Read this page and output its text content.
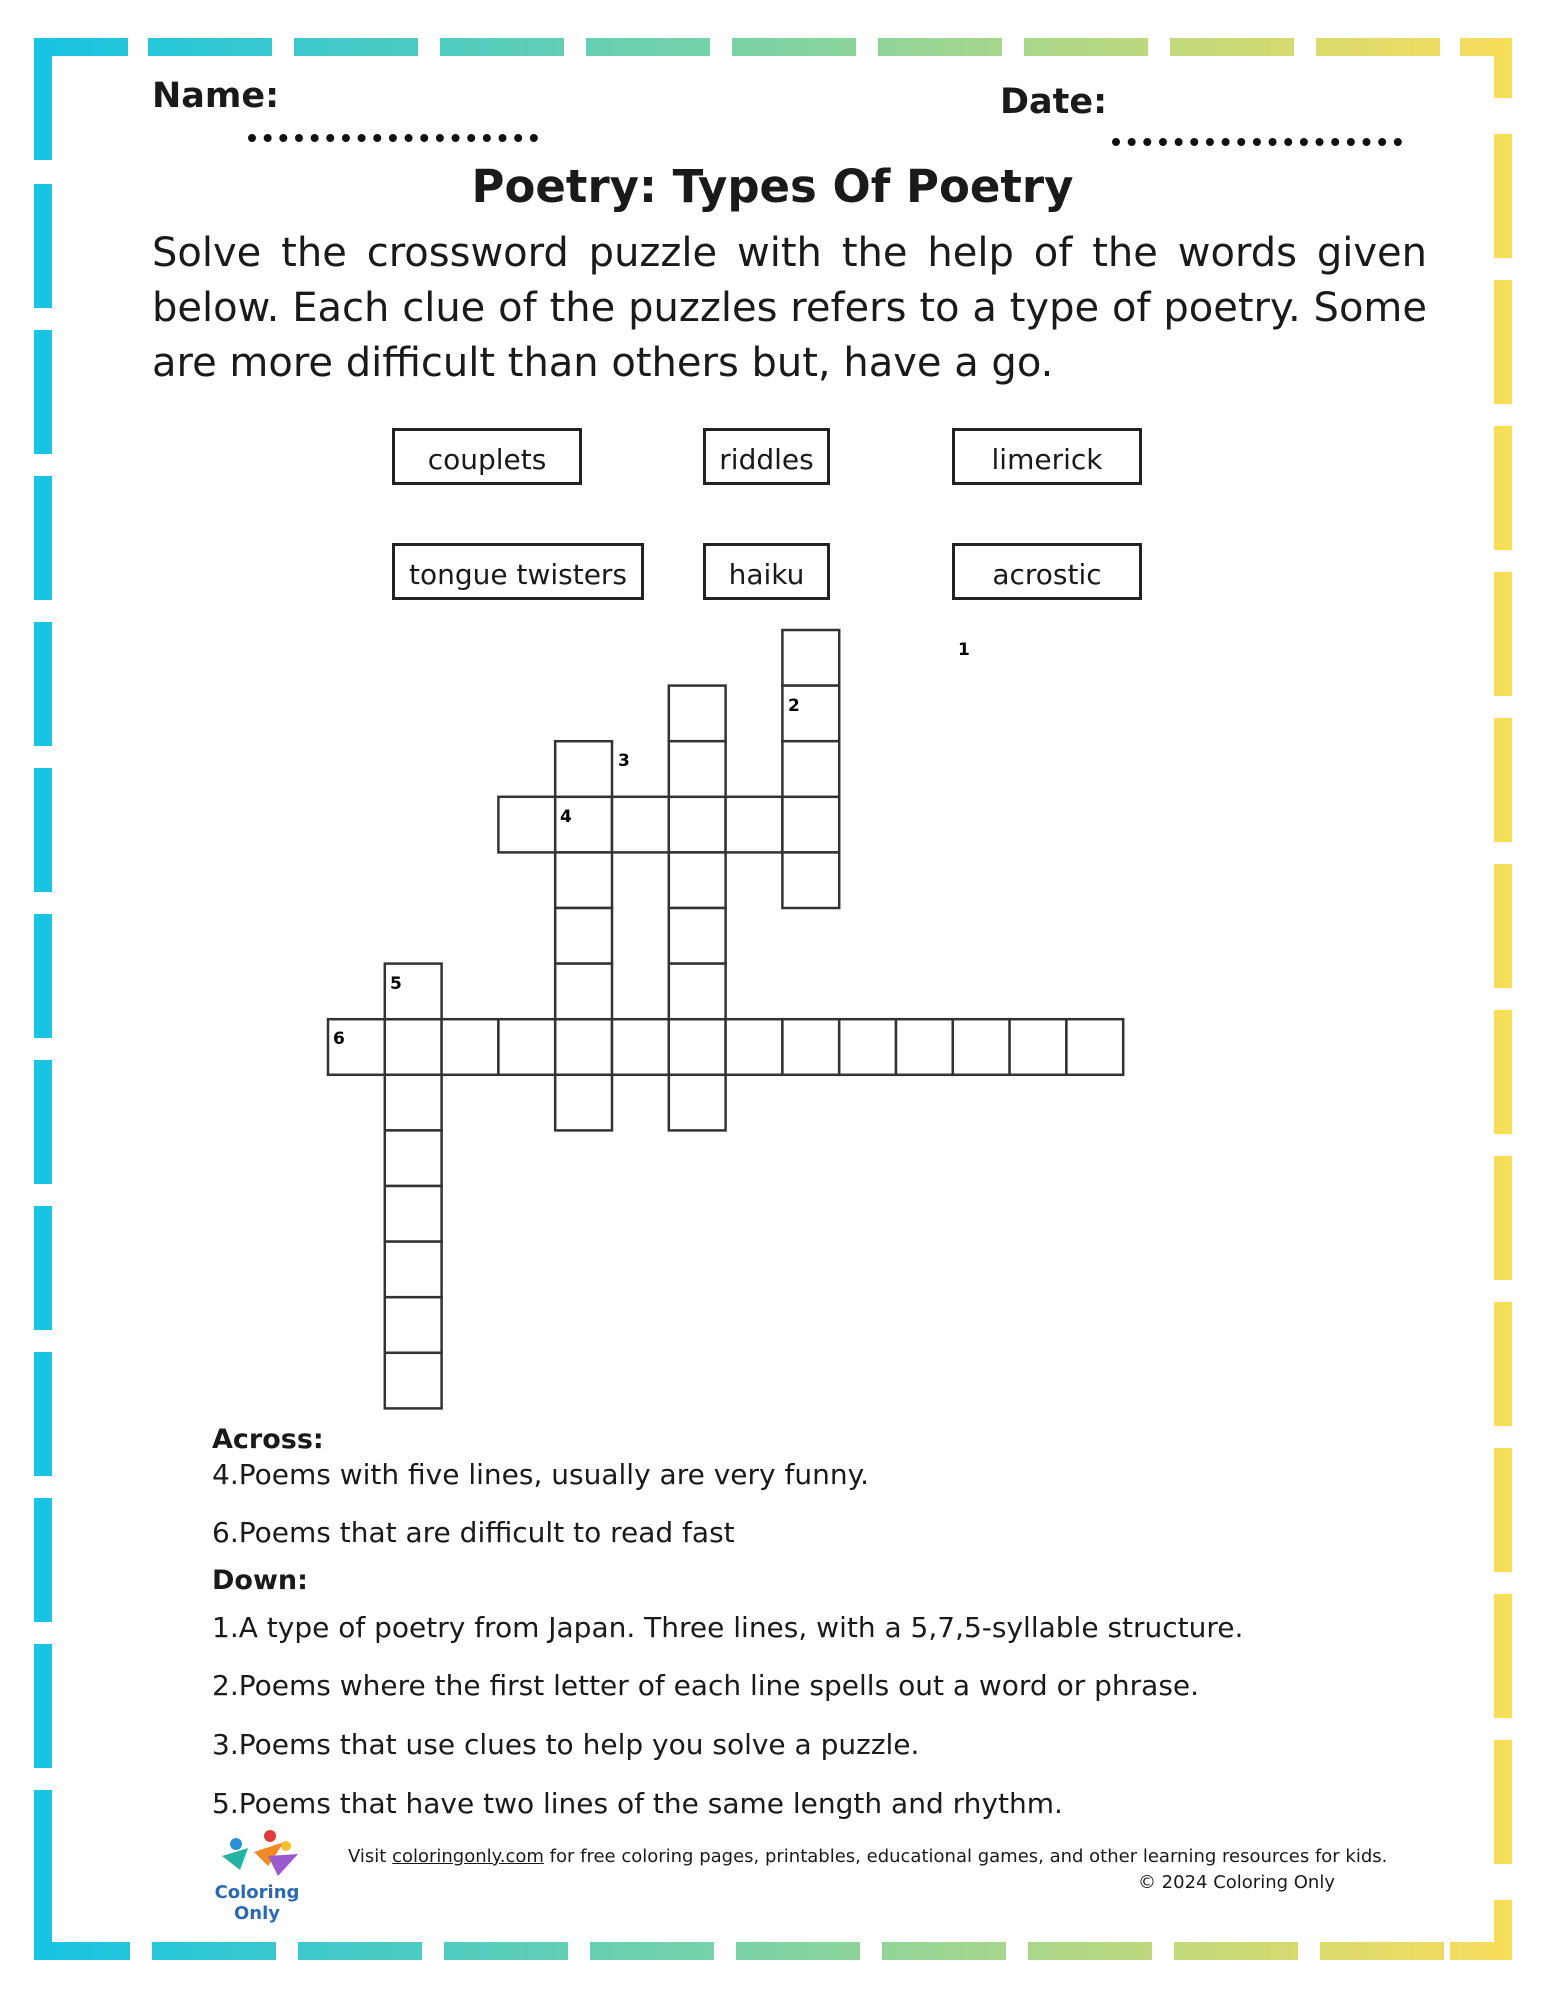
Name:	Date:
Poetry: Types Of Poetry
Solve the crossword puzzle with the help of the words given below. Each clue of the puzzles refers to a type of poetry. Some are more difficult than others but, have a go.
couplets	riddles	limerick
tongue twisters	haiku	acrostic
1
2
3
4
5
6
Across:
4.Poems with five lines, usually are very funny.
6.Poems that are difficult to read fast
Down:
1.A type of poetry from Japan. Three lines, with a 5,7,5-syllable structure.
2.Poems where the first letter of each line spells out a word or phrase.
3.Poems that use clues to help you solve a puzzle.
5.Poems that have two lines of the same length and rhythm.
Coloring Only
Visit coloringonly.com for free coloring pages, printables, educational games, and other learning resources for kids.
© 2024 Coloring Only
